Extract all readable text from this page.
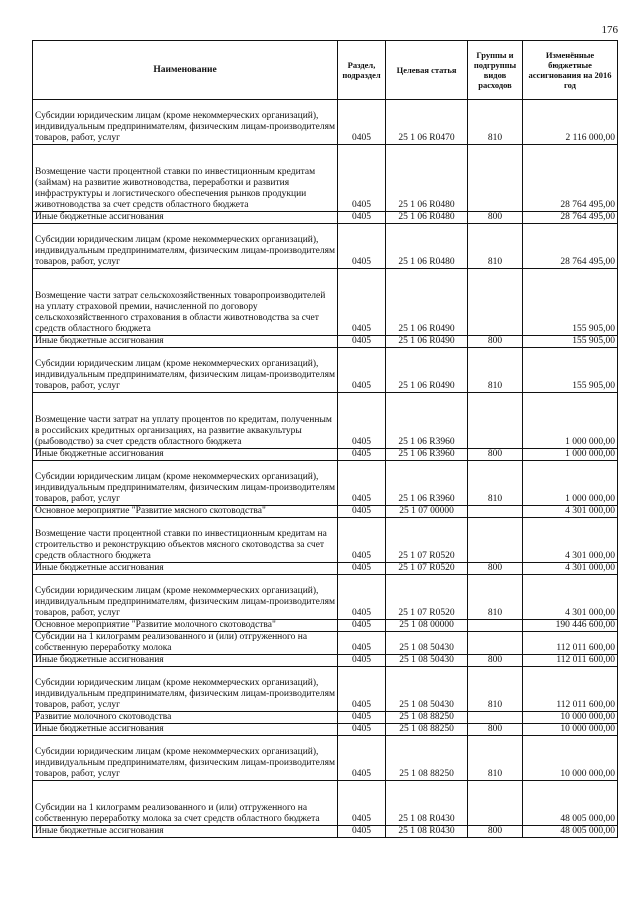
176
Наименование	Раздел, подраздел	Целевая статья	Группы и подгруппы видов расходов	Изменённые бюджетные ассигнования на 2016 год
Субсидии юридическим лицам (кроме некоммерческих организаций), индивидуальным предпринимателям, физическим лицам-производителям товаров, работ, услуг	0405	25 1 06 R0470	810	2 116 000,00
Возмещение части процентной ставки по инвестиционным кредитам (займам) на развитие животноводства, переработки и развития инфраструктуры и логистического обеспечения рынков продукции животноводства за счет средств областного бюджета	0405	25 1 06 R0480		28 764 495,00
Иные бюджетные ассигнования	0405	25 1 06 R0480	800	28 764 495,00
Субсидии юридическим лицам (кроме некоммерческих организаций), индивидуальным предпринимателям, физическим лицам-производителям товаров, работ, услуг	0405	25 1 06 R0480	810	28 764 495,00
Возмещение части затрат сельскохозяйственных товаропроизводителей на уплату страховой премии, начисленной по договору сельскохозяйственного страхования в области животноводства за счет средств областного бюджета	0405	25 1 06 R0490		155 905,00
Иные бюджетные ассигнования	0405	25 1 06 R0490	800	155 905,00
Субсидии юридическим лицам (кроме некоммерческих организаций), индивидуальным предпринимателям, физическим лицам-производителям товаров, работ, услуг	0405	25 1 06 R0490	810	155 905,00
Возмещение части затрат на уплату процентов по кредитам, полученным в российских кредитных организациях, на развитие аквакультуры (рыбоводство) за счет средств областного бюджета	0405	25 1 06 R3960		1 000 000,00
Иные бюджетные ассигнования	0405	25 1 06 R3960	800	1 000 000,00
Субсидии юридическим лицам (кроме некоммерческих организаций), индивидуальным предпринимателям, физическим лицам-производителям товаров, работ, услуг	0405	25 1 06 R3960	810	1 000 000,00
Основное мероприятие "Развитие мясного скотоводства"	0405	25 1 07 00000		4 301 000,00
Возмещение части процентной ставки по инвестиционным кредитам на строительство и реконструкцию объектов мясного скотоводства за счет средств областного бюджета	0405	25 1 07 R0520		4 301 000,00
Иные бюджетные ассигнования	0405	25 1 07 R0520	800	4 301 000,00
Субсидии юридическим лицам (кроме некоммерческих организаций), индивидуальным предпринимателям, физическим лицам-производителям товаров, работ, услуг	0405	25 1 07 R0520	810	4 301 000,00
Основное мероприятие "Развитие молочного скотоводства"	0405	25 1 08 00000		190 446 600,00
Субсидии на 1 килограмм реализованного и (или) отгруженного на собственную переработку молока	0405	25 1 08 50430		112 011 600,00
Иные бюджетные ассигнования	0405	25 1 08 50430	800	112 011 600,00
Субсидии юридическим лицам (кроме некоммерческих организаций), индивидуальным предпринимателям, физическим лицам-производителям товаров, работ, услуг	0405	25 1 08 50430	810	112 011 600,00
Развитие молочного скотоводства	0405	25 1 08 88250		10 000 000,00
Иные бюджетные ассигнования	0405	25 1 08 88250	800	10 000 000,00
Субсидии юридическим лицам (кроме некоммерческих организаций), индивидуальным предпринимателям, физическим лицам-производителям товаров, работ, услуг	0405	25 1 08 88250	810	10 000 000,00
Субсидии на 1 килограмм реализованного и (или) отгруженного на собственную переработку молока за счет средств областного бюджета	0405	25 1 08 R0430		48 005 000,00
Иные бюджетные ассигнования	0405	25 1 08 R0430	800	48 005 000,00
